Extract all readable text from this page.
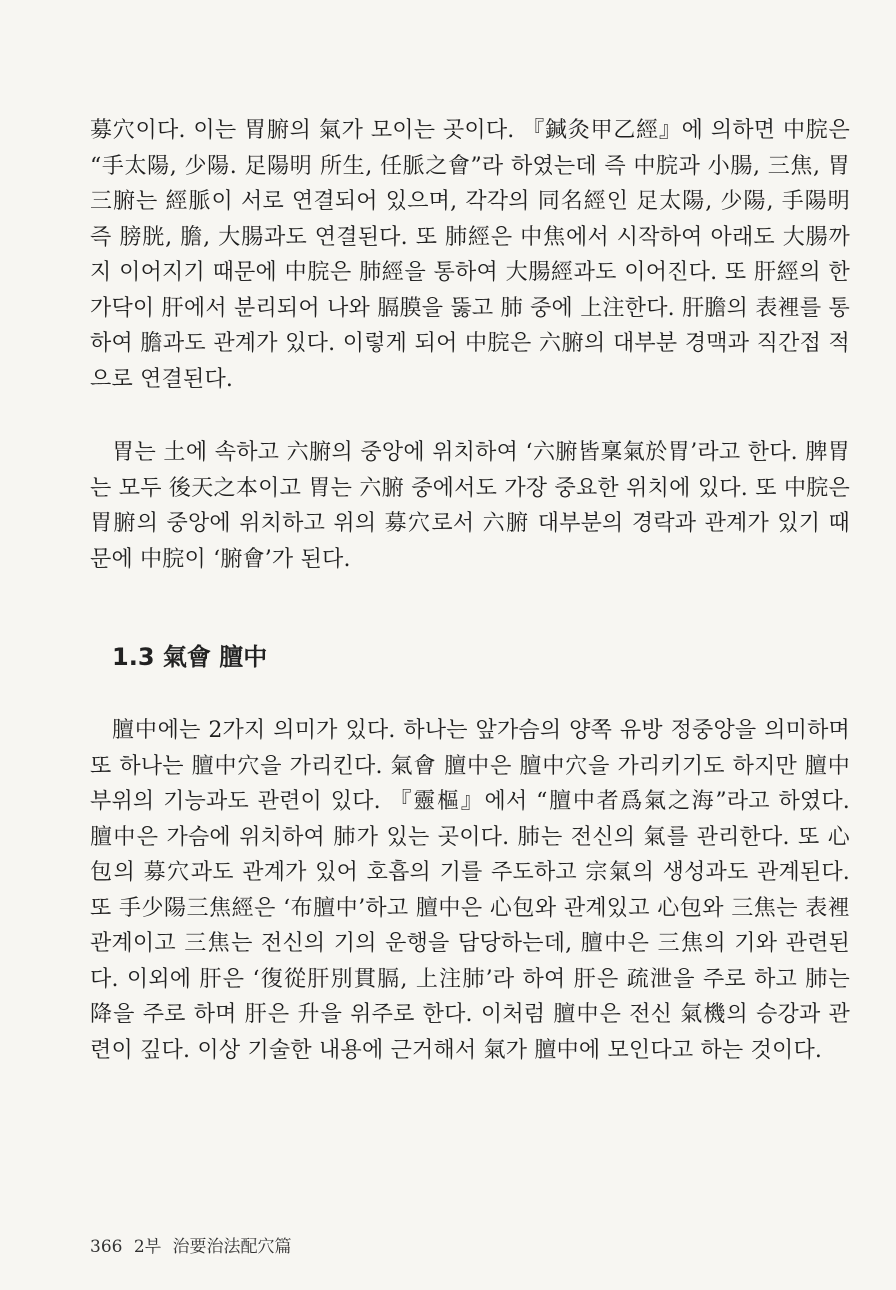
募穴이다. 이는 胃腑의 氣가 모이는 곳이다. 『鍼灸甲乙經』에 의하면 中脘은 “手太陽, 少陽. 足陽明 所生, 任脈之會”라 하였는데 즉 中脘과 小腸, 三焦, 胃 三腑는 經脈이 서로 연결되어 있으며, 각각의 同名經인 足太陽, 少陽, 手陽明 즉 膀胱, 膽, 大腸과도 연결된다. 또 肺經은 中焦에서 시작하여 아래도 大腸까 지 이어지기 때문에 中脘은 肺經을 통하여 大腸經과도 이어진다. 또 肝經의 한 가닥이 肝에서 분리되어 나와 膈膜을 뚫고 肺 중에 上注한다. 肝膽의 表裡를 통하여 膽과도 관계가 있다. 이렇게 되어 中脘은 六腑의 대부분 경맥과 직간접 적으로 연결된다.

胃는 土에 속하고 六腑의 중앙에 위치하여 ‘六腑皆稟氣於胃’라고 한다. 脾胃는 모두 後天之本이고 胃는 六腑 중에서도 가장 중요한 위치에 있다. 또 中脘은 胃腑의 중앙에 위치하고 위의 募穴로서 六腑 대부분의 경락과 관계가 있기 때문에 中脘이 ‘腑會’가 된다.

1.3 氣會 膻中

膻中에는 2가지 의미가 있다. 하나는 앞가슴의 양쪽 유방 정중앙을 의미하며 또 하나는 膻中穴을 가리킨다. 氣會 膻中은 膻中穴을 가리키기도 하지만 膻中 부위의 기능과도 관련이 있다. 『靈樞』에서 “膻中者爲氣之海”라고 하였다. 膻中은 가슴에 위치하여 肺가 있는 곳이다. 肺는 전신의 氣를 관리한다. 또 心包의 募穴과도 관계가 있어 호흡의 기를 주도하고 宗氣의 생성과도 관계된다. 또 手少陽三焦經은 ‘布膻中’하고 膻中은 心包와 관계있고 心包와 三焦는 表裡 관계이고 三焦는 전신의 기의 운행을 담당하는데, 膻中은 三焦의 기와 관련된다. 이외에 肝은 ‘復從肝別貫膈, 上注肺’라 하여 肝은 疏泄을 주로 하고 肺는 降을 주로 하며 肝은 升을 위주로 한다. 이처럼 膻中은 전신 氣機의 승강과 관련이 깊다. 이상 기술한 내용에 근거해서 氣가 膻中에 모인다고 하는 것이다.

366 2부 治要治法配穴篇
